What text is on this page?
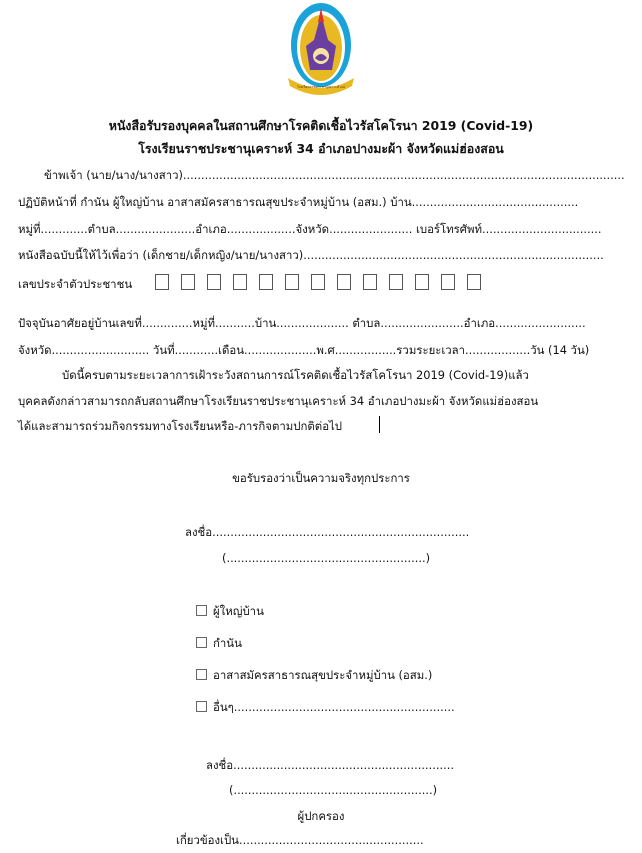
โรงเรียนราชประชานุเคราะห์ ๓๔
หนังสือรับรองบุคคลในสถานศึกษาโรคติดเชื้อไวรัสโคโรนา 2019 (Covid-19)
โรงเรียนราชประชานุเคราะห์ 34 อำเภอปางมะผ้า จังหวัดแม่ฮ่องสอน
ข้าพเจ้า (นาย/นาง/นางสาว)..........................................................................................................................
ปฏิบัติหน้าที่ กำนัน ผู้ใหญ่บ้าน อาสาสมัครสาธารณสุขประจำหมู่บ้าน (อสม.) บ้าน..............................................
หมู่ที่.............ตำบล......................อำเภอ...................จังหวัด....................... เบอร์โทรศัพท์.................................
หนังสือฉบับนี้ให้ไว้เพื่อว่า (เด็กชาย/เด็กหญิง/นาย/นางสาว)...................................................................................
เลขประจำตัวประชาชน
ปัจจุบันอาศัยอยู่บ้านเลขที่..............หมู่ที่...........บ้าน.................... ตำบล.......................อำเภอ.........................
จังหวัด........................... วันที่............เดือน....................พ.ศ.................รวมระยะเวลา..................วัน (14 วัน)
บัดนี้ครบตามระยะเวลาการเฝ้าระวังสถานการณ์โรคติดเชื้อไวรัสโคโรนา 2019 (Covid-19)แล้ว
บุคคลดังกล่าวสามารถกลับสถานศึกษาโรงเรียนราชประชานุเคราะห์ 34 อำเภอปางมะผ้า จังหวัดแม่ฮ่องสอน
ได้และสามารถร่วมกิจกรรมทางโรงเรียนหรือ-ภารกิจตามปกติต่อไป
ขอรับรองว่าเป็นความจริงทุกประการ
ลงชื่อ.......................................................................
(.......................................................)
ผู้ใหญ่บ้าน
กำนัน
อาสาสมัครสาธารณสุขประจำหมู่บ้าน (อสม.)
อื่นๆ.............................................................
ลงชื่อ.............................................................
(.......................................................)
ผู้ปกครอง
เกี่ยวข้องเป็น...................................................
